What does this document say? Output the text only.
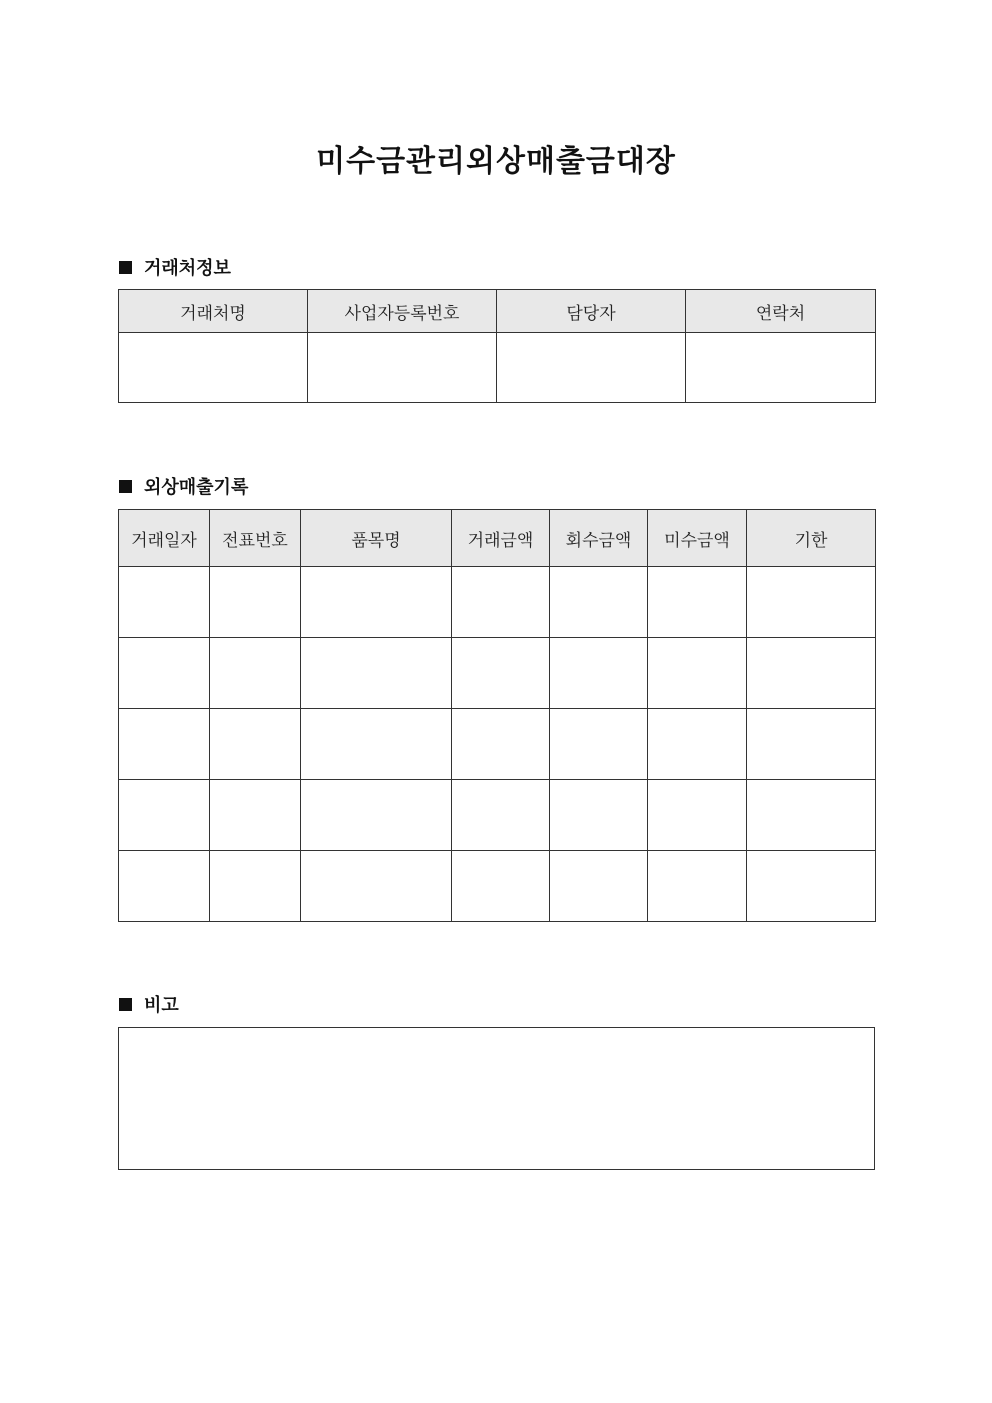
미수금관리외상매출금대장
거래처정보
거래처명	사업자등록번호	담당자	연락처

외상매출기록
거래일자	전표번호	품목명	거래금액	회수금액	미수금액	기한

비고
